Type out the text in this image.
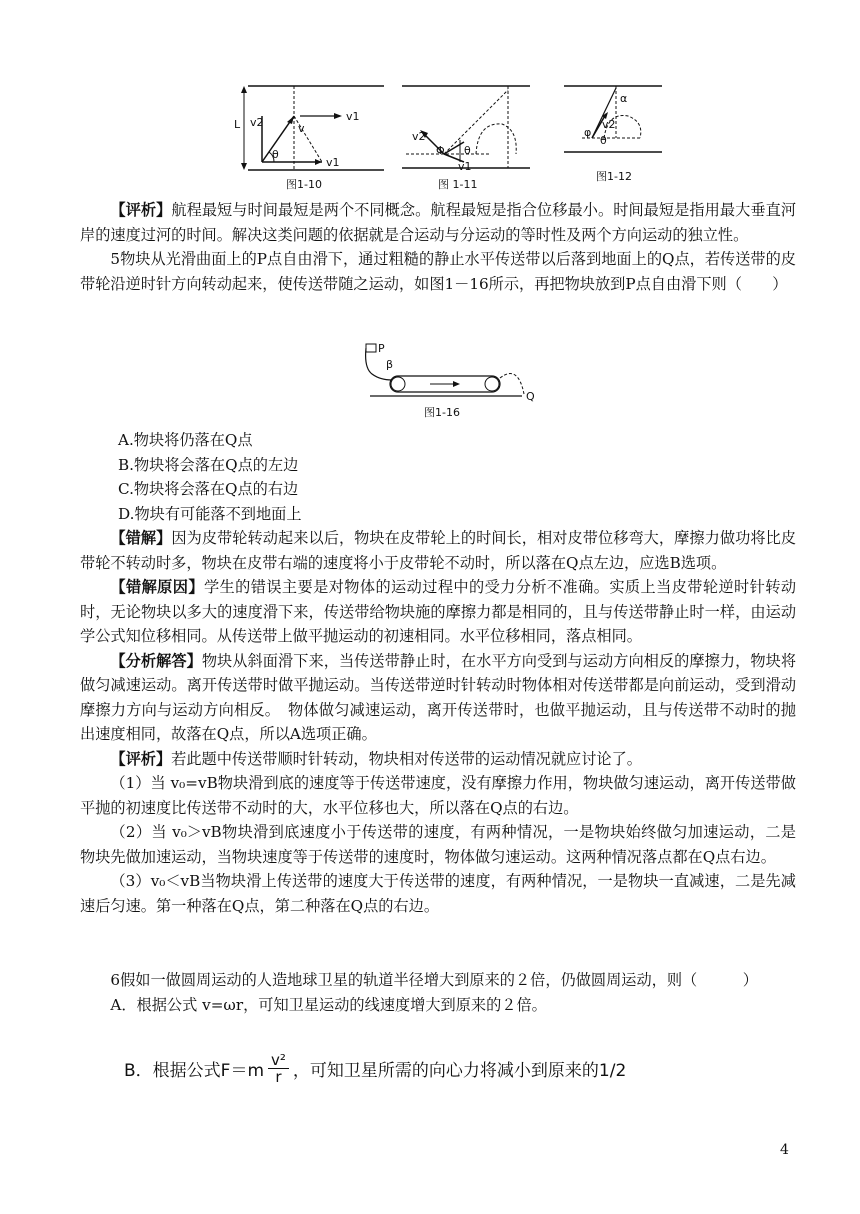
L v2	v
v1
v1
θ
图1-10
v2
Φ θ
v1
图 1-11
α
v2
φ
θ
图1-12

【评析】航程最短与时间最短是两个不同概念。航程最短是指合位移最小。时间最短是指用最大垂直河岸的速度过河的时间。解决这类问题的依据就是合运动与分运动的等时性及两个方向运动的独立性。

5物块从光滑曲面上的P点自由滑下，通过粗糙的静止水平传送带以后落到地面上的Q点，若传送带的皮带轮沿逆时针方向转动起来，使传送带随之运动，如图1－16所示，再把物块放到P点自由滑下则（　　）

P
β
Q
图1-16

A.物块将仍落在Q点

B.物块将会落在Q点的左边

C.物块将会落在Q点的右边

D.物块有可能落不到地面上

【错解】因为皮带轮转动起来以后，物块在皮带轮上的时间长，相对皮带位移弯大，摩擦力做功将比皮带轮不转动时多，物块在皮带右端的速度将小于皮带轮不动时，所以落在Q点左边，应选B选项。

【错解原因】学生的错误主要是对物体的运动过程中的受力分析不准确。实质上当皮带轮逆时针转动时，无论物块以多大的速度滑下来，传送带给物块施的摩擦力都是相同的，且与传送带静止时一样，由运动学公式知位移相同。从传送带上做平抛运动的初速相同。水平位移相同，落点相同。

【分析解答】物块从斜面滑下来，当传送带静止时，在水平方向受到与运动方向相反的摩擦力，物块将做匀减速运动。离开传送带时做平抛运动。当传送带逆时针转动时物体相对传送带都是向前运动，受到滑动摩擦力方向与运动方向相反。　物体做匀减速运动，离开传送带时，也做平抛运动，且与传送带不动时的抛出速度相同，故落在Q点，所以A选项正确。

【评析】若此题中传送带顺时针转动，物块相对传送带的运动情况就应讨论了。

（1）当 v₀=vB物块滑到底的速度等于传送带速度，没有摩擦力作用，物块做匀速运动，离开传送带做平抛的初速度比传送带不动时的大，水平位移也大，所以落在Q点的右边。

（2）当 v₀＞vB物块滑到底速度小于传送带的速度，有两种情况，一是物块始终做匀加速运动，二是物块先做加速运动，当物块速度等于传送带的速度时，物体做匀速运动。这两种情况落点都在Q点右边。

（3）v₀＜vB当物块滑上传送带的速度大于传送带的速度，有两种情况，一是物块一直减速，二是先减速后匀速。第一种落在Q点，第二种落在Q点的右边。

6假如一做圆周运动的人造地球卫星的轨道半径增大到原来的２倍，仍做圆周运动，则（　　　）

A．根据公式 v=ωr，可知卫星运动的线速度增大到原来的２倍。

B．根据公式$F=m \frac{\text{v²}}{r}$ ，可知卫星所需的向心力将减小到原来的1/2
4
